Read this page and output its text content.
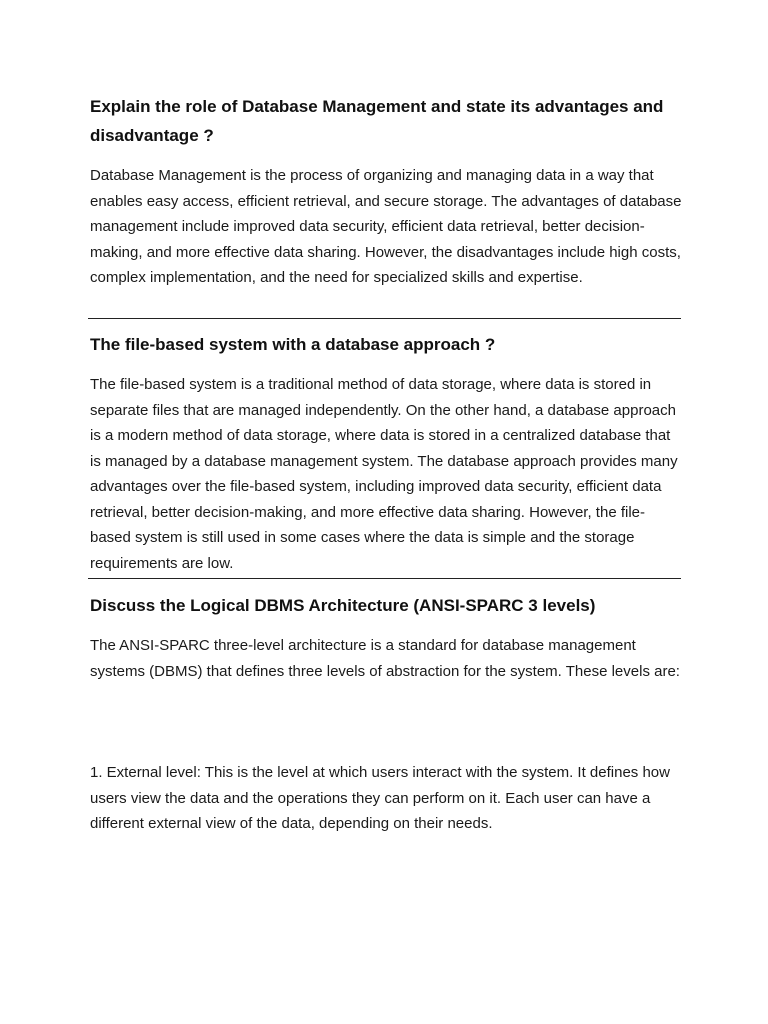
Explain the role of Database Management and state its advantages and disadvantage ?

Database Management is the process of organizing and managing data in a way that enables easy access, efficient retrieval, and secure storage. The advantages of database management include improved data security, efficient data retrieval, better decision-making, and more effective data sharing. However, the disadvantages include high costs, complex implementation, and the need for specialized skills and expertise.

The file-based system with a database approach ?

The file-based system is a traditional method of data storage, where data is stored in separate files that are managed independently. On the other hand, a database approach is a modern method of data storage, where data is stored in a centralized database that is managed by a database management system. The database approach provides many advantages over the file-based system, including improved data security, efficient data retrieval, better decision-making, and more effective data sharing. However, the file-based system is still used in some cases where the data is simple and the storage requirements are low.

Discuss the Logical DBMS Architecture (ANSI-SPARC 3 levels)

The ANSI-SPARC three-level architecture is a standard for database management systems (DBMS) that defines three levels of abstraction for the system. These levels are:

1. External level: This is the level at which users interact with the system. It defines how users view the data and the operations they can perform on it. Each user can have a different external view of the data, depending on their needs.
